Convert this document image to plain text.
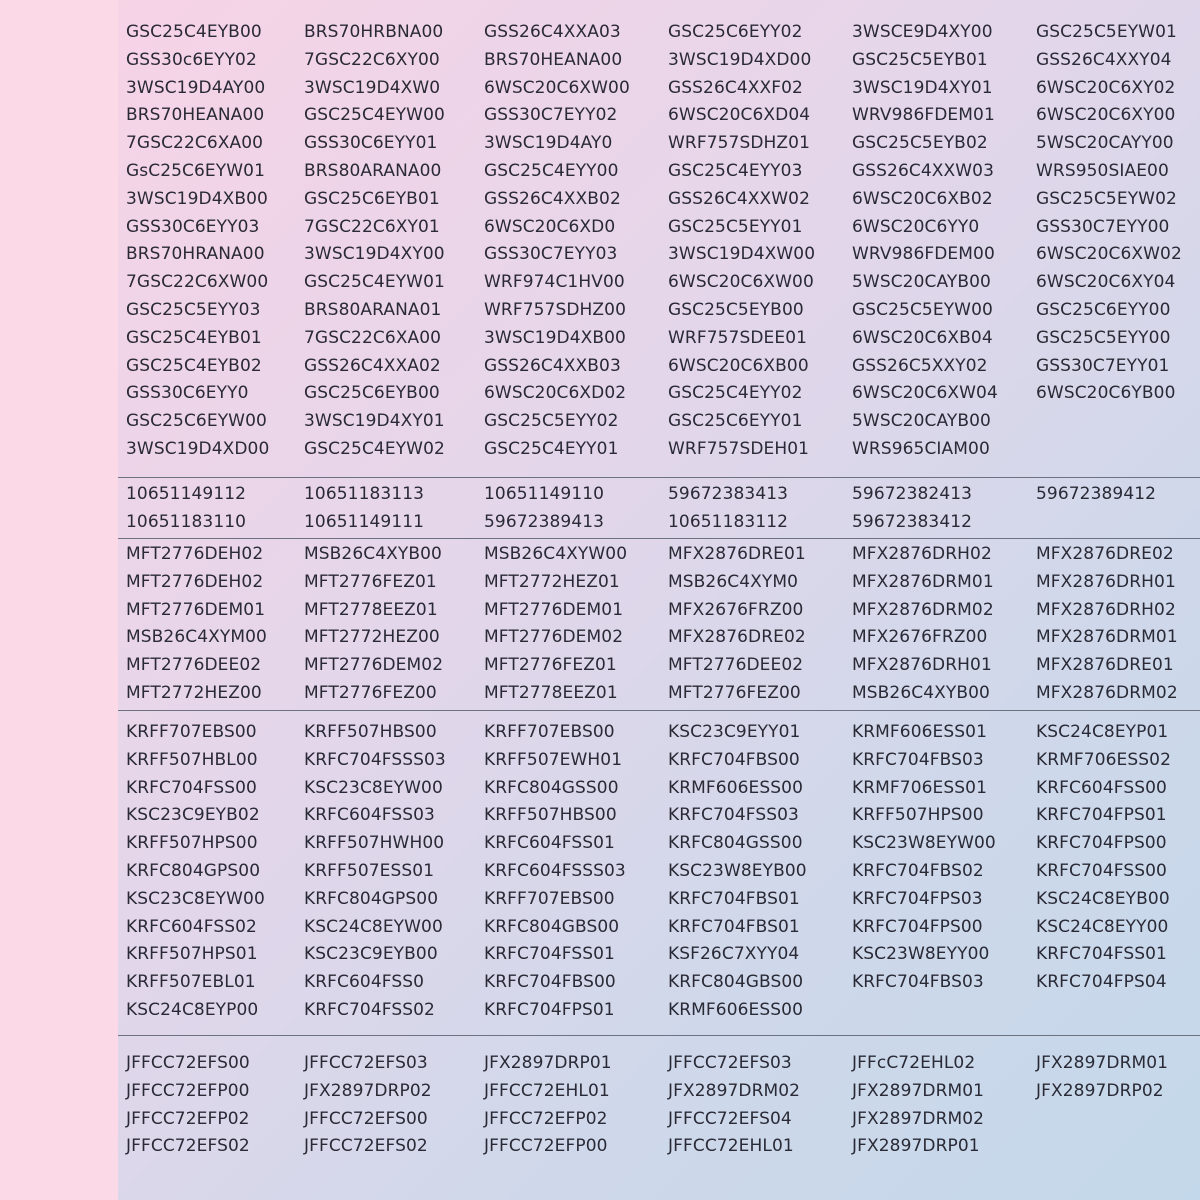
GSC25C4EYB00 BRS70HRBNA00 GSS26C4XXA03	GSC25C6EYY02	3WSCE9D4XY00	GSC25C5EYW01
GSS30c6EYY02	7GSC22C6XY00	BRS70HEANA00	3WSC19D4XD00 GSC25C5EYB01	GSS26C4XXY04
3WSC19D4AY00 3WSC19D4XW0	6WSC20C6XW00 GSS26C4XXF02	3WSC19D4XY01	6WSC20C6XY02
BRS70HEANA00 GSC25C4EYW00 GSS30C7EYY02	6WSC20C6XD04 WRV986FDEM01 6WSC20C6XY00
7GSC22C6XA00 GSS30C6EYY01	3WSC19D4AY0	WRF757SDHZ01 GSC25C5EYB02	5WSC20CAYY00
GsC25C6EYW01 BRS80ARANA00	GSC25C4EYY00	GSC25C4EYY03	GSS26C4XXW03 WRS950SIAE00
3WSC19D4XB00 GSC25C6EYB01	GSS26C4XXB02	GSS26C4XXW02 6WSC20C6XB02	GSC25C5EYW02
GSS30C6EYY03	7GSC22C6XY01	6WSC20C6XD0	GSC25C5EYY01	6WSC20C6YY0	GSS30C7EYY00
BRS70HRANA00 3WSC19D4XY00 GSS30C7EYY03	3WSC19D4XW00 WRV986FDEM00 6WSC20C6XW02
7GSC22C6XW00 GSC25C4EYW01 WRF974C1HV00	6WSC20C6XW00 5WSC20CAYB00	6WSC20C6XY04
GSC25C5EYY03	BRS80ARANA01	WRF757SDHZ00 GSC25C5EYB00	GSC25C5EYW00	GSC25C6EYY00
GSC25C4EYB01 7GSC22C6XA00	3WSC19D4XB00 WRF757SDEE01	6WSC20C6XB04	GSC25C5EYY00
GSC25C4EYB02 GSS26C4XXA02	GSS26C4XXB03	6WSC20C6XB00	GSS26C5XXY02	GSS30C7EYY01
GSS30C6EYY0	GSC25C6EYB00	6WSC20C6XD02 GSC25C4EYY02	6WSC20C6XW04 6WSC20C6YB00
GSC25C6EYW00 3WSC19D4XY01 GSC25C5EYY02	GSC25C6EYY01	5WSC20CAYB00
3WSC19D4XD00 GSC25C4EYW02 GSC25C4EYY01	WRF757SDEH01	WRS965CIAM00
10651149112	10651183113	10651149110	59672383413	59672382413	59672389412
10651183110	10651149111	59672389413	10651183112	59672383412
MFT2776DEH02 MSB26C4XYB00 MSB26C4XYW00 MFX2876DRE01	MFX2876DRH02	MFX2876DRE02
MFT2776DEH02 MFT2776FEZ01	MFT2772HEZ01	MSB26C4XYM0	MFX2876DRM01 MFX2876DRH01
MFT2776DEM01 MFT2778EEZ01	MFT2776DEM01	MFX2676FRZ00	MFX2876DRM02 MFX2876DRH02
MSB26C4XYM00 MFT2772HEZ00	MFT2776DEM02	MFX2876DRE02	MFX2676FRZ00	MFX2876DRM01
MFT2776DEE02	MFT2776DEM02 MFT2776FEZ01	MFT2776DEE02	MFX2876DRH01	MFX2876DRE01
MFT2772HEZ00 MFT2776FEZ00	MFT2778EEZ01	MFT2776FEZ00	MSB26C4XYB00	MFX2876DRM02
KRFF707EBS00	KRFF507HBS00	KRFF707EBS00	KSC23C9EYY01	KRMF606ESS01	KSC24C8EYP01
KRFF507HBL00	KRFC704FSSS03 KRFF507EWH01	KRFC704FBS00	KRFC704FBS03	KRMF706ESS02
KRFC704FSS00	KSC23C8EYW00 KRFC804GSS00	KRMF606ESS00	KRMF706ESS01	KRFC604FSS00
KSC23C9EYB02	KRFC604FSS03	KRFF507HBS00	KRFC704FSS03	KRFF507HPS00	KRFC704FPS01
KRFF507HPS00	KRFF507HWH00 KRFC604FSS01	KRFC804GSS00	KSC23W8EYW00 KRFC704FPS00
KRFC804GPS00	KRFF507ESS01	KRFC604FSSS03 KSC23W8EYB00	KRFC704FBS02	KRFC704FSS00
KSC23C8EYW00 KRFC804GPS00	KRFF707EBS00	KRFC704FBS01	KRFC704FPS03	KSC24C8EYB00
KRFC604FSS02	KSC24C8EYW00 KRFC804GBS00	KRFC704FBS01	KRFC704FPS00	KSC24C8EYY00
KRFF507HPS01	KSC23C9EYB00	KRFC704FSS01	KSF26C7XYY04	KSC23W8EYY00	KRFC704FSS01
KRFF507EBL01	KRFC604FSS0	KRFC704FBS00	KRFC804GBS00	KRFC704FBS03	KRFC704FPS04
KSC24C8EYP00	KRFC704FSS02	KRFC704FPS01	KRMF606ESS00
JFFCC72EFS00	JFFCC72EFS03	JFX2897DRP01	JFFCC72EFS03	JFFcC72EHL02	JFX2897DRM01
JFFCC72EFP00	JFX2897DRP02	JFFCC72EHL01	JFX2897DRM02	JFX2897DRM01	JFX2897DRP02
JFFCC72EFP02	JFFCC72EFS00	JFFCC72EFP02	JFFCC72EFS04	JFX2897DRM02
JFFCC72EFS02	JFFCC72EFS02	JFFCC72EFP00	JFFCC72EHL01	JFX2897DRP01
